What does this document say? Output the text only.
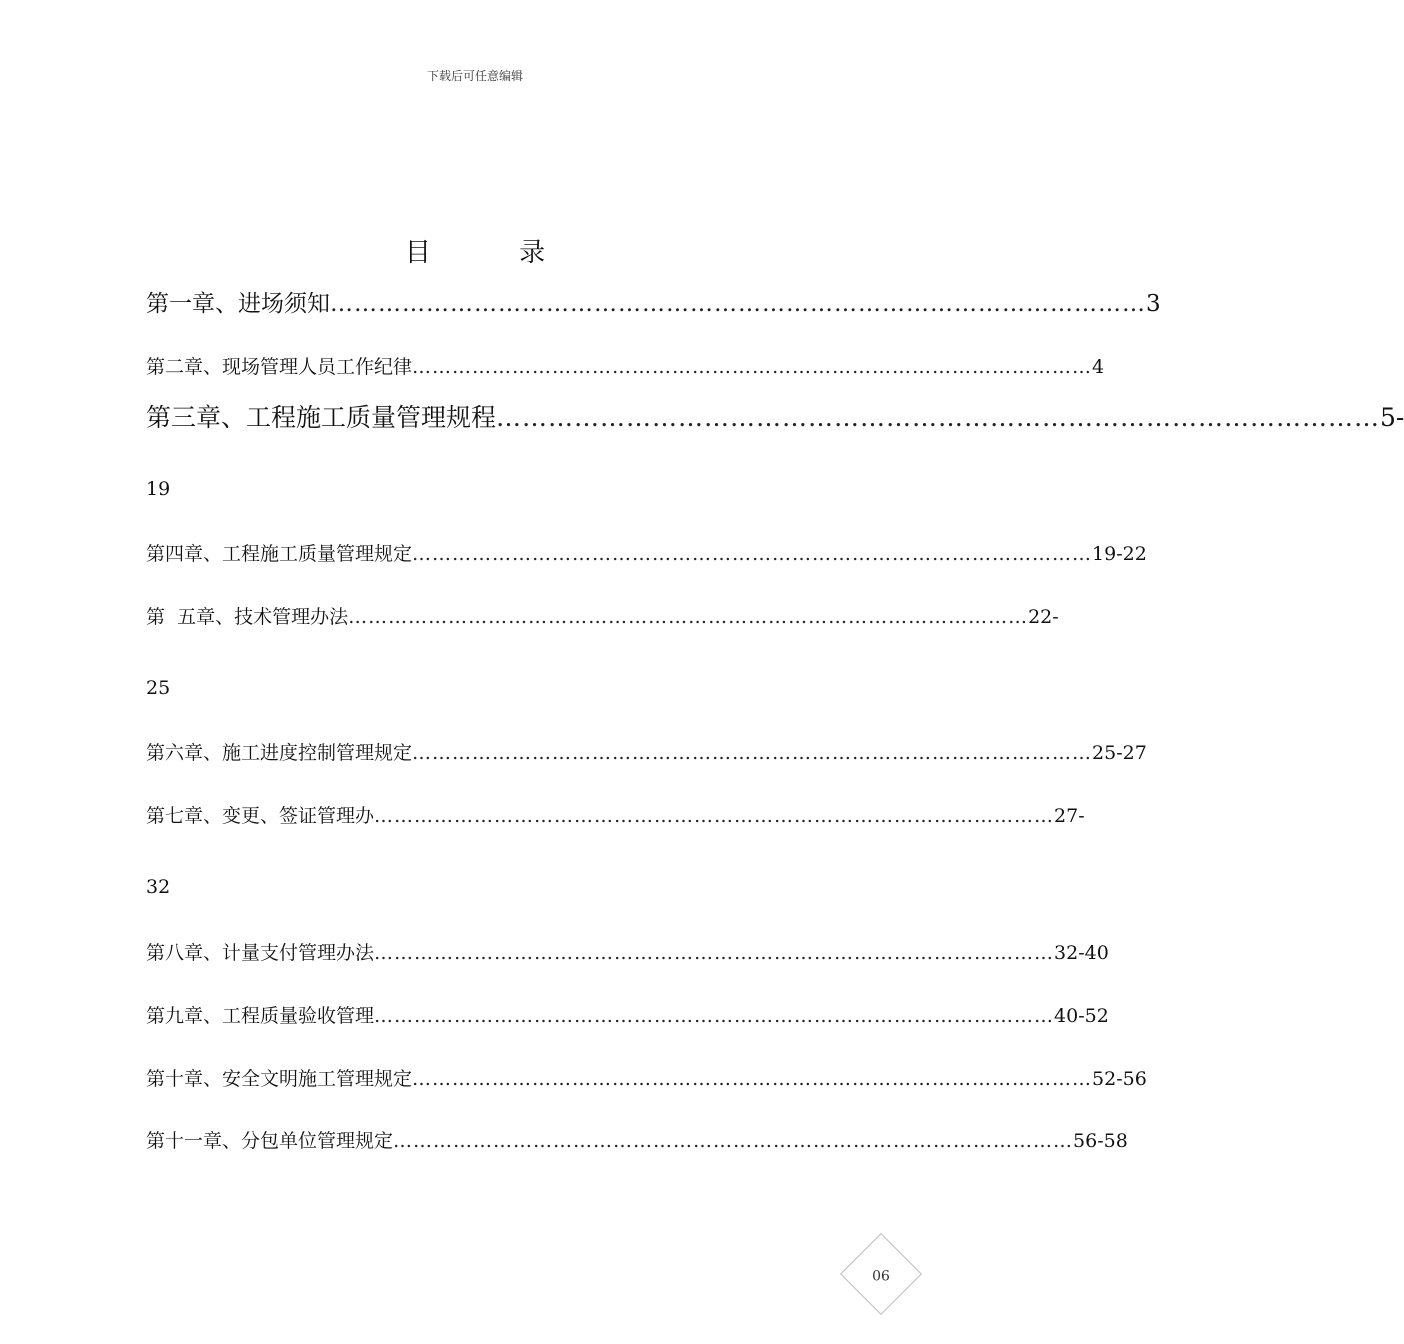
下载后可任意编辑
目 录
第一章、进场须知 ………………………………………………………………………………………… 3
第二章、现场管理人员工作纪律 ………………………………………………………………………………………… 4
第三章、工程施工质量管理规程 ………………………………………………………………………………………… 5-
19
第四章、工程施工质量管理规定 ………………………………………………………………………………………… 19-22
第  五章、技术管理办法 ………………………………………………………………………………………… 22-
25
第六章、施工进度控制管理规定 ………………………………………………………………………………………… 25-27
第七章、变更、签证管理办 ………………………………………………………………………………………… 27-
32
第八章、计量支付管理办法 ………………………………………………………………………………………… 32-40
第九章、工程质量验收管理 ………………………………………………………………………………………… 40-52
第十章、安全文明施工管理规定 ………………………………………………………………………………………… 52-56
第十一章、分包单位管理规定 ………………………………………………………………………………………… 56-58
90
